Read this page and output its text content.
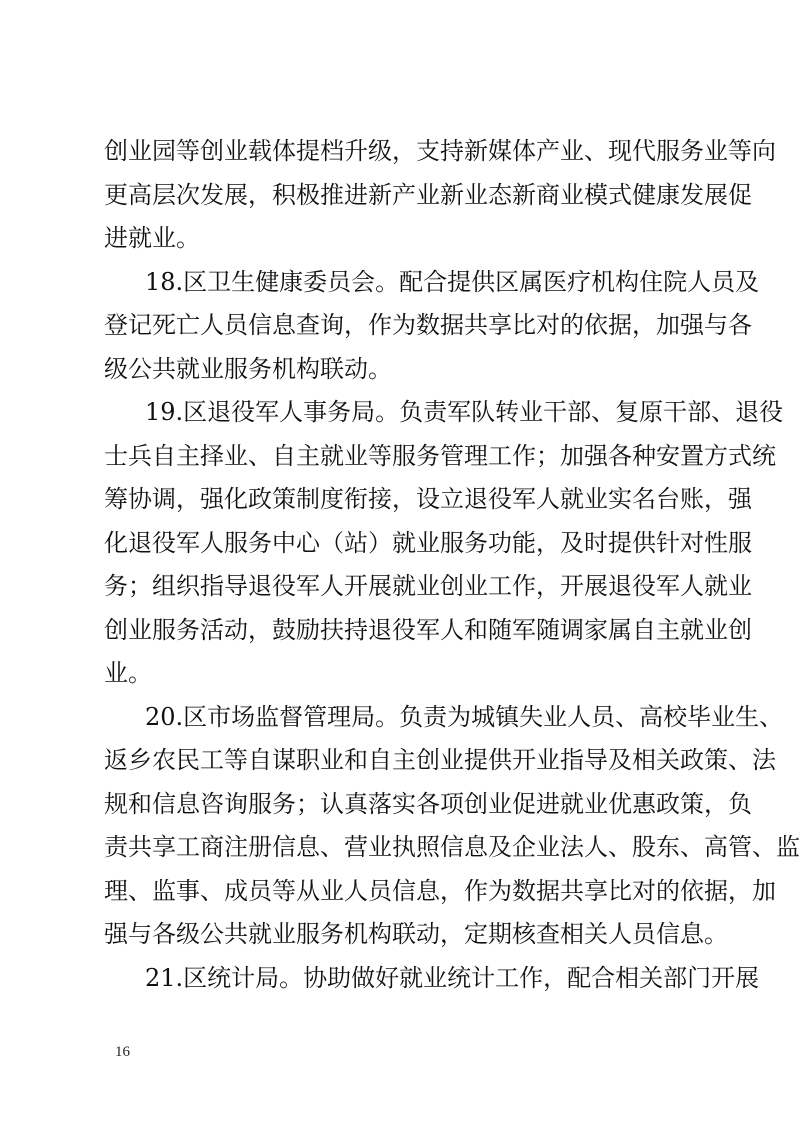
创业园等创业载体提档升级，支持新媒体产业、现代服务业等向
更高层次发展，积极推进新产业新业态新商业模式健康发展促
进就业。
18.区卫生健康委员会。配合提供区属医疗机构住院人员及
登记死亡人员信息查询，作为数据共享比对的依据，加强与各
级公共就业服务机构联动。
19.区退役军人事务局。负责军队转业干部、复原干部、退役
士兵自主择业、自主就业等服务管理工作；加强各种安置方式统
筹协调，强化政策制度衔接，设立退役军人就业实名台账，强
化退役军人服务中心（站）就业服务功能，及时提供针对性服
务；组织指导退役军人开展就业创业工作，开展退役军人就业
创业服务活动，鼓励扶持退役军人和随军随调家属自主就业创
业。
20.区市场监督管理局。负责为城镇失业人员、高校毕业生、
返乡农民工等自谋职业和自主创业提供开业指导及相关政策、法
规和信息咨询服务；认真落实各项创业促进就业优惠政策，负
责共享工商注册信息、营业执照信息及企业法人、股东、高管、监
理、监事、成员等从业人员信息，作为数据共享比对的依据，加
强与各级公共就业服务机构联动，定期核查相关人员信息。
21.区统计局。协助做好就业统计工作，配合相关部门开展
16
